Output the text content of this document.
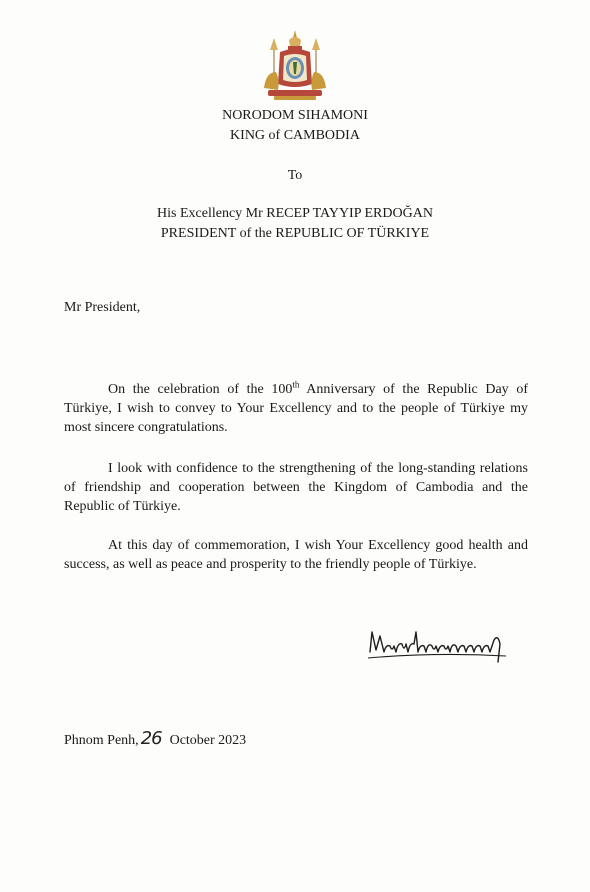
NORODOM SIHAMONI
KING of CAMBODIA
To
His Excellency Mr RECEP TAYYIP ERDOĞAN
PRESIDENT of the REPUBLIC OF TÜRKIYE
Mr President,

On the celebration of the 100th Anniversary of the Republic Day of Türkiye, I wish to convey to Your Excellency and to the people of Türkiye my most sincere congratulations.

I look with confidence to the strengthening of the long-standing relations of friendship and cooperation between the Kingdom of Cambodia and the Republic of Türkiye.

At this day of commemoration, I wish Your Excellency good health and success, as well as peace and prosperity to the friendly people of Türkiye.

Phnom Penh, 26 October 2023
